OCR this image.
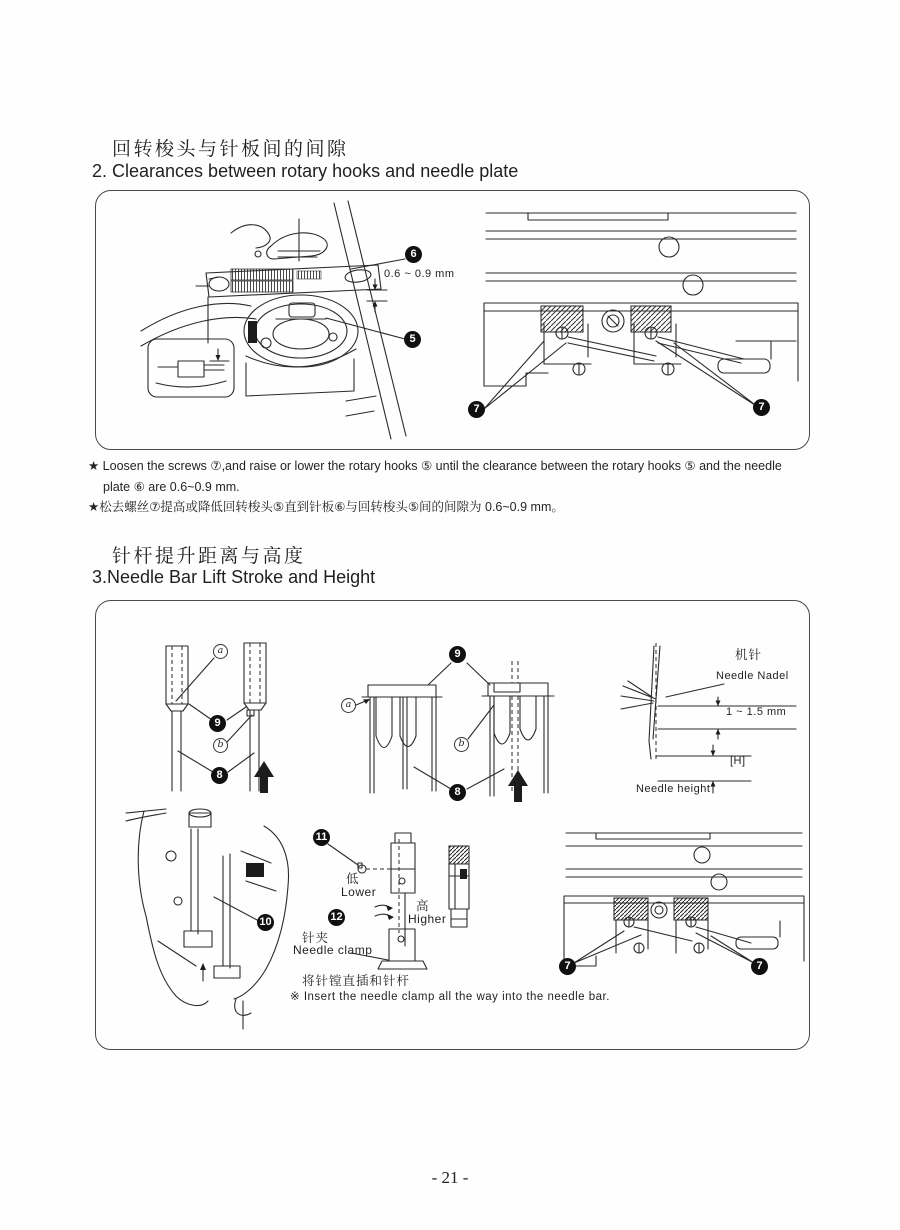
回转梭头与针板间的间隙
2. Clearances between rotary hooks and needle plate
6
0.6 ~ 0.9 mm
5
7	7
★ Loosen the screws ⑦,and raise or lower the rotary hooks ⑤ until the clearance between the rotary hooks ⑤ and the needle
plate ⑥ are 0.6~0.9 mm.
★松去螺丝⑦提高或降低回转梭头⑤直到针板⑥与回转梭头⑤间的间隙为 0.6~0.9 mm。
针杆提升距离与高度
3.Needle Bar Lift Stroke and Height
a
9
b
8
9
a
b
8
机针
Needle Nadel
1 ~ 1.5 mm
[H]
Needle height
10
11
低
Lower
12
高
Higher
针夹
Needle clamp
将针镗直插和针杆
※ Insert the needle clamp all the way into the needle bar.
7	7
- 21 -
